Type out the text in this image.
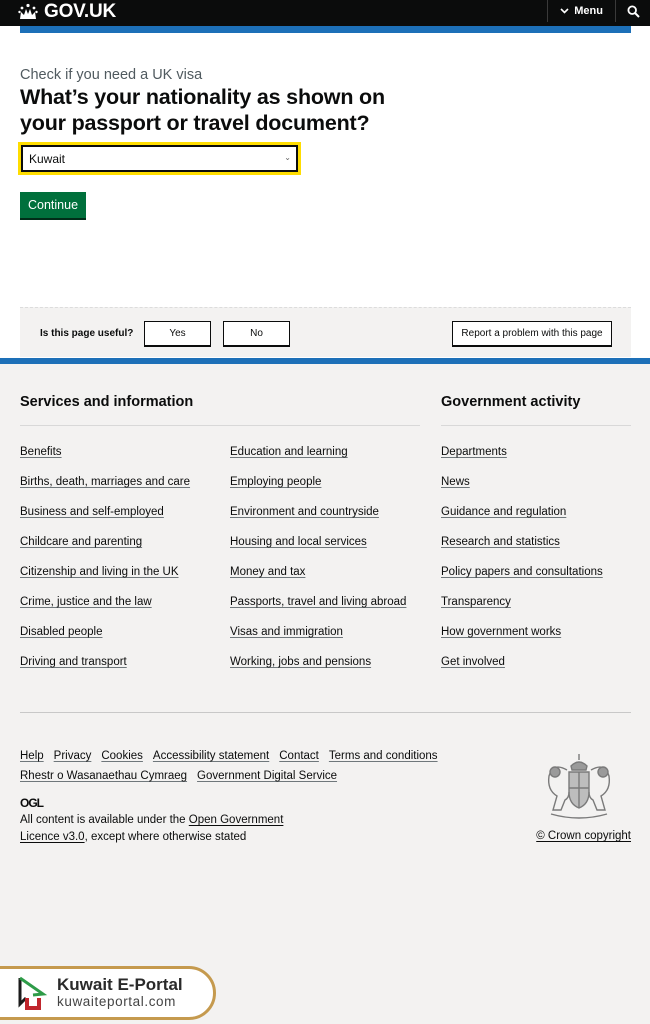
GOV.UK	Menu
Check if you need a UK visa
What’s your nationality as shown on your passport or travel document?
Kuwait	⌄
Continue
Is this page useful?	Yes	No	Report a problem with this page
Services and information
Benefits
Births, death, marriages and care
Business and self-employed
Childcare and parenting
Citizenship and living in the UK
Crime, justice and the law
Disabled people
Driving and transport
Education and learning
Employing people
Environment and countryside
Housing and local services
Money and tax
Passports, travel and living abroad
Visas and immigration
Working, jobs and pensions
Government activity
Departments
News
Guidance and regulation
Research and statistics
Policy papers and consultations
Transparency
How government works
Get involved
Help Privacy Cookies Accessibility statement Contact Terms and conditions
Rhestr o Wasanaethau Cymraeg Government Digital Service
OGL
All content is available under the Open Government Licence v3.0, except where otherwise stated	© Crown copyright
Kuwait E-Portal
kuwaiteportal.com
